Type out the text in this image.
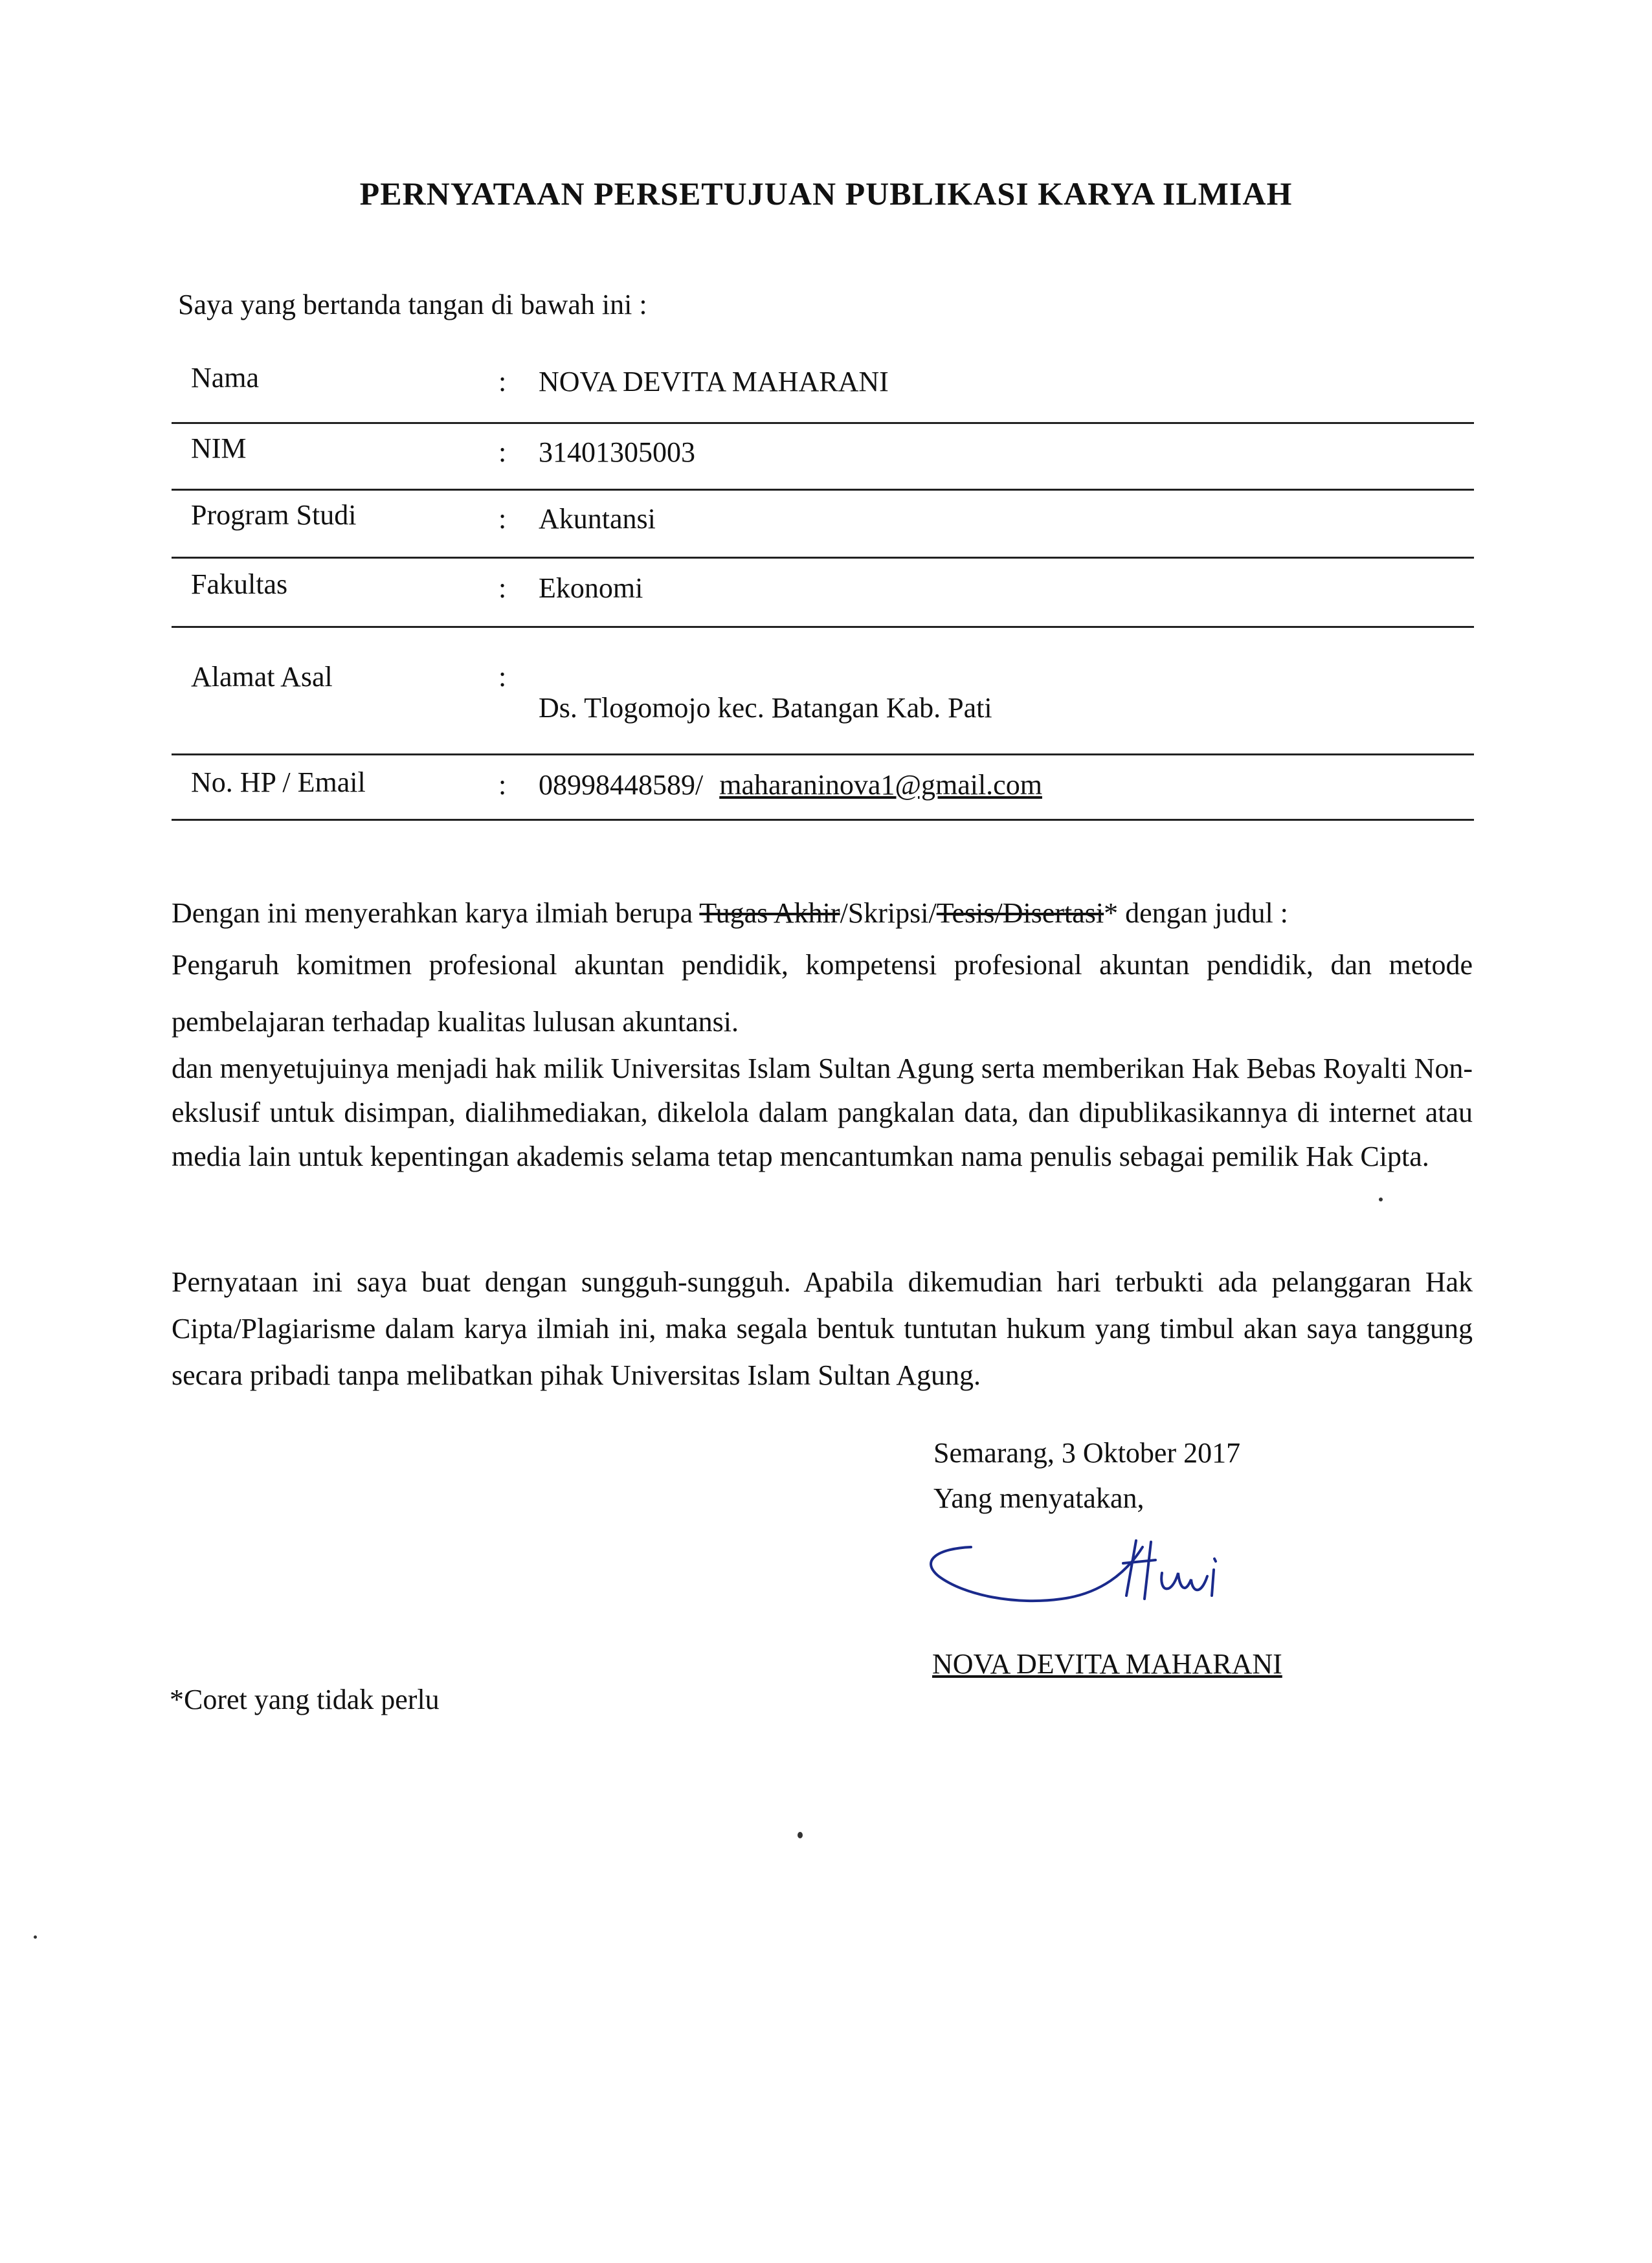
PERNYATAAN PERSETUJUAN PUBLIKASI KARYA ILMIAH
Saya yang bertanda tangan di bawah ini :
Nama	: NOVA DEVITA MAHARANI
NIM	: 31401305003
Program Studi	: Akuntansi
Fakultas	: Ekonomi
Alamat Asal	:
Ds. Tlogomojo kec. Batangan Kab. Pati
No. HP / Email	: 08998448589/ maharaninova1@gmail.com
Dengan ini menyerahkan karya ilmiah berupa Tugas Akhir/Skripsi/Tesis/Disertasi* dengan judul :
Pengaruh komitmen profesional akuntan pendidik, kompetensi profesional akuntan pendidik, dan metode pembelajaran terhadap kualitas lulusan akuntansi.
dan menyetujuinya menjadi hak milik Universitas Islam Sultan Agung serta memberikan Hak Bebas Royalti Non-ekslusif untuk disimpan, dialihmediakan, dikelola dalam pangkalan data, dan dipublikasikannya di internet atau media lain untuk kepentingan akademis selama tetap mencantumkan nama penulis sebagai pemilik Hak Cipta.
Pernyataan ini saya buat dengan sungguh-sungguh. Apabila dikemudian hari terbukti ada pelanggaran Hak Cipta/Plagiarisme dalam karya ilmiah ini, maka segala bentuk tuntutan hukum yang timbul akan saya tanggung secara pribadi tanpa melibatkan pihak Universitas Islam Sultan Agung.
Semarang, 3 Oktober 2017
Yang menyatakan,
NOVA DEVITA MAHARANI
*Coret yang tidak perlu
